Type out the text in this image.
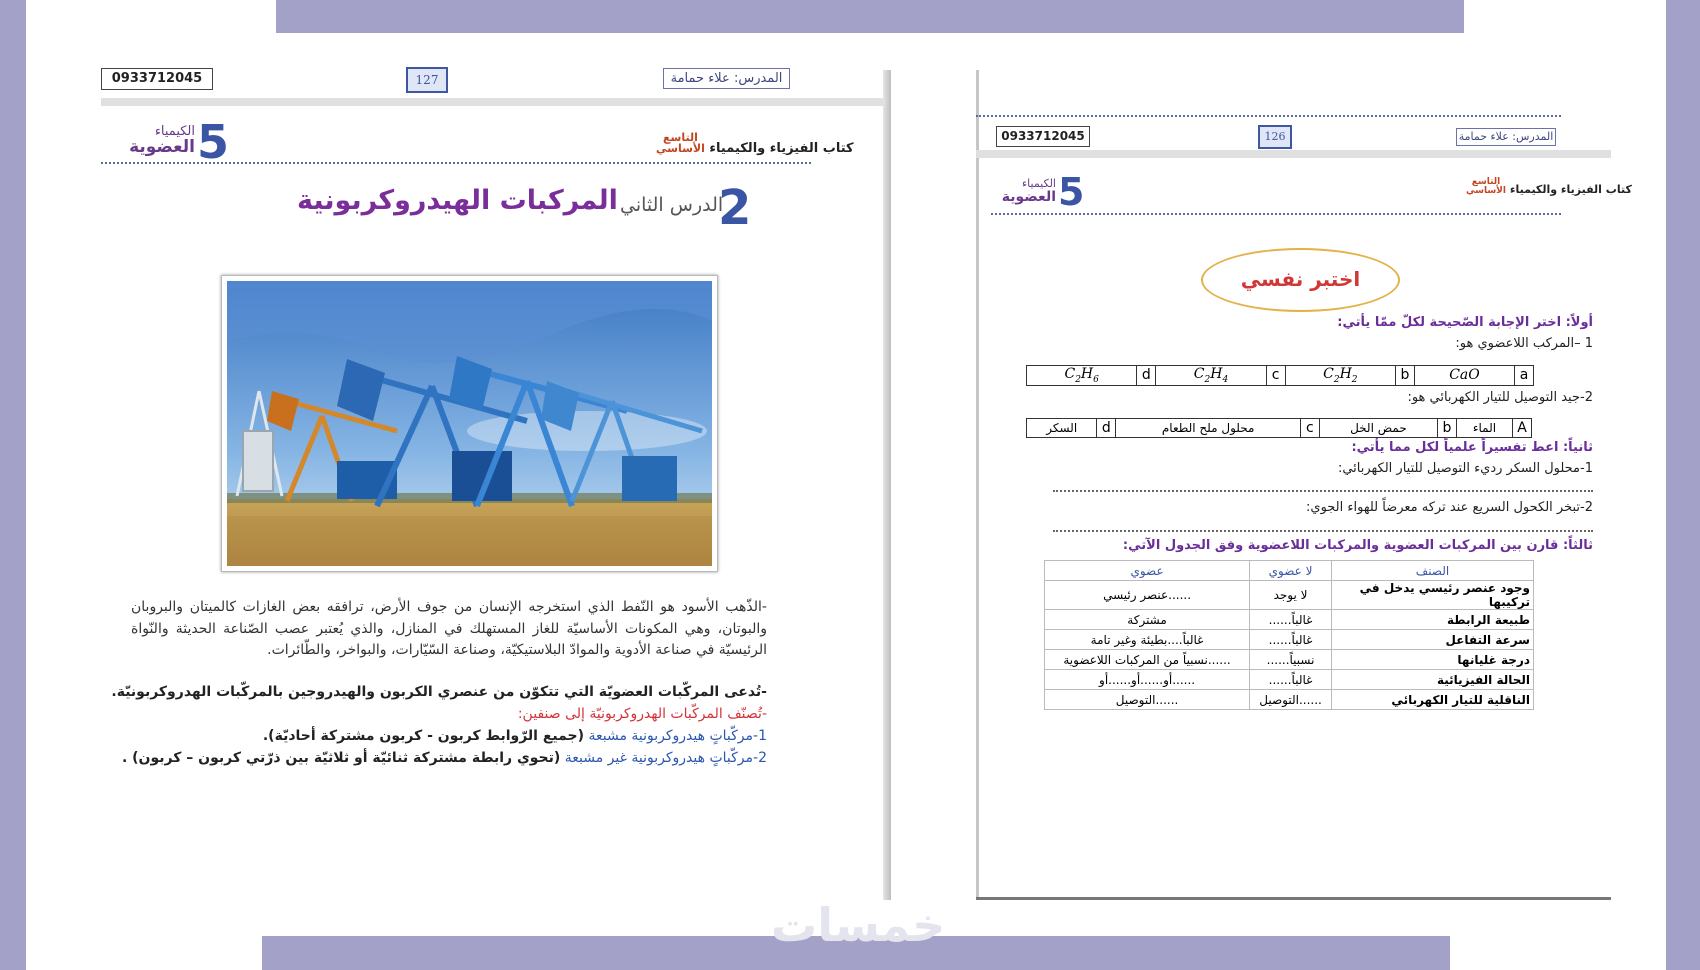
0933712045	127	المدرس: علاء حمامة
كتاب الفيزياء والكيمياء التاسع
الأساسي
5
الكيمياء
العضوية
2
الدرس الثاني
المركبات الهيدروكربونية
-الذّهب الأسود هو النّفط الذي استخرجه الإنسان من جوف الأرض، ترافقه بعض الغازات كالميتان والبروبان والبوتان، وهي المكونات الأساسيّة للغاز المستهلك في المنازل، والذي يُعتبر عصب الصّناعة الحديثة والنّواة الرئيسيّة في صناعة الأدوية والموادّ البلاستيكيّة، وصناعة السّيّارات، والبواخر، والطّائرات.
-تُدعى المركّبات العضويّة التي تتكوّن من عنصري الكربون والهيدروجين بالمركّبات الهدروكربونيّة.
-تُصنّف المركّبات الهدروكربونيّة إلى صنفين:
1-مركّباتٍ هيدروكربونية مشبعة (جميع الرّوابط كربون - كربون مشتركة أحاديّة).
2-مركّباتٍ هيدروكربونية غير مشبعة (تحوي رابطة مشتركة ثنائيّة أو ثلاثيّة بين ذرّتي كربون – كربون) .
0933712045	126	المدرس: علاء حمامة
كتاب الفيزياء والكيمياء التاسع
الأساسي
5
الكيمياء
العضوية
اختبر نفسي
أولاً: اختر الإجابة الصّحيحة لكلّ ممّا يأتي:
1 –المركب اللاعضوي هو:
a	CaO	b	$C_2H_2$	c	$C_2H_4$	d	$C_2H_6$
2-جيد التوصيل للتيار الكهربائي هو:
A	الماء	b	حمض الخل	c	محلول ملح الطعام	d	السكر
ثانياً: اعط تفسيراً علمياً لكل مما يأتي:
1-محلول السكر رديء التوصيل للتيار الكهربائي:
2-تبخر الكحول السريع عند تركه معرضاً للهواء الجوي:
ثالثاً: قارن بين المركبات العضوية والمركبات اللاعضوية وفق الجدول الآتي:
الصنف	لا عضوي	عضوي
وجود عنصر رئيسي يدخل في تركيبها	لا يوجد	......عنصر رئيسي
طبيعة الرابطة	غالباً......	مشتركة
سرعة التفاعل	غالباً......	غالباً....بطيئة وغير تامة
درجة غليانها	نسبياً......	......نسبياً من المركبات اللاعضوية
الحالة الفيزيائية	غالباً......	......أو......أو......أو
الناقلية للتيار الكهربائي	......التوصيل	......التوصيل
خمسات
